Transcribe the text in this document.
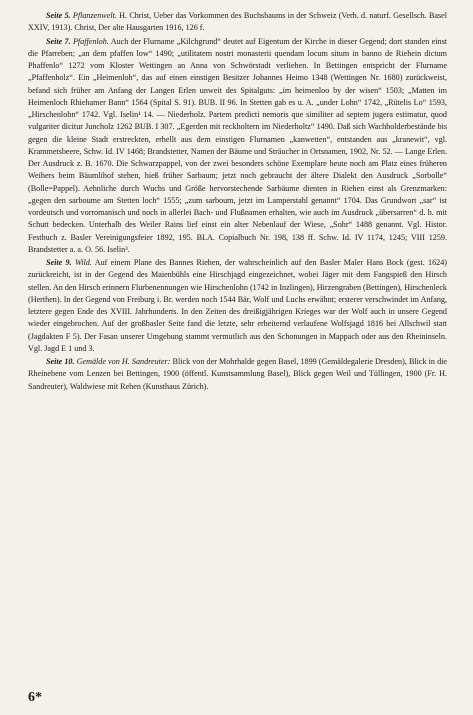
Seite 5. Pflanzenwelt. H. Christ, Ueber das Vorkommen des Buchsbaums in der Schweiz (Verh. d. naturf. Gesellsch. Basel XXIV, 1913). Christ, Der alte Hausgarten 1916, 126 f.

Seite 7. Pfaffenloh. Auch der Flurname „Kilchgrund“ deutet auf Eigentum der Kirche in dieser Gegend; dort standen einst die Pfarreben; „an dem pfaffen low“ 1490; „utilitatem nostri monasterii quendam locum situm in banno de Riehein dictum Phaffenlo“ 1272 vom Kloster Wettingen an Anna von Schwörstadt verliehen. In Bettingen entspricht der Flurname „Pfaffenholz“. Ein „Heimenloh“, das auf einen einstigen Besitzer Johannes Heimo 1348 (Wettingen Nr. 1680) zurückweist, befand sich früher am Anfang der Langen Erlen unweit des Spitalguts: „im heimenloo by der wisen“ 1503; „Matten im Heimenloch Rhiehamer Bann“ 1564 (Spital S. 91). BUB. II 96. In Stetten gab es u. A. „under Lohn“ 1742, „Rütelis Lo“ 1593, „Hirschenlohn“ 1742. Vgl. Iselin¹ 14. — Niederholz. Partem predicti nemoris que similiter ad septem jugera estimatur, quod vulgariter dicitur Juncholz 1262 BUB. I 307. „Egerden mit reckholtern im Niederholtz“ 1490. Daß sich Wachholderbestände bis gegen die kleine Stadt erstreckten, erhellt aus dem einstigen Flurnamen „kanwetten“, entstanden aus „kranewit“, vgl. Krammetsbeere, Schw. Id. IV 1468; Brandstetter, Namen der Bäume und Sträucher in Ortsnamen, 1902, Nr. 52. — Lange Erlen. Der Ausdruck z. B. 1670. Die Schwarzpappel, von der zwei besonders schöne Exemplare heute noch am Platz eines früheren Weihers beim Bäumlihof stehen, hieß früher Sarbaum; jetzt noch gebraucht der ältere Dialekt den Ausdruck „Sorbolle“ (Bolle=Pappel). Aehnliche durch Wuchs und Größe hervorstechende Sarbäume dienten in Riehen einst als Grenzmarken: „gegen den sarboume am Stetten loch“ 1555; „zum sarboum, jetzt im Lamperstahl genannt“ 1704. Das Grundwort „sar“ ist vordeutsch und vorromanisch und noch in allerlei Bach- und Flußnamen erhalten, wie auch im Ausdruck „übersarren“ d. h. mit Schutt bedecken. Unterhalb des Weiler Rains lief einst ein alter Nebenlauf der Wiese, „Sohr“ 1488 genannt. Vgl. Histor. Festbuch z. Basler Vereinigungsfeier 1892, 195. BLA. Copialbuch Nr. 198, 138 ff. Schw. Id. IV 1174, 1245; VIII 1259. Brandstetter a. a. O. 56. Iselin³.

Seite 9. Wild. Auf einem Plane des Bannes Riehen, der wahrscheinlich auf den Basler Maler Hans Bock (gest. 1624) zurückreicht, ist in der Gegend des Maienbühls eine Hirschjagd eingezeichnet, wobei Jäger mit dem Fangspieß den Hirsch stellen. An den Hirsch erinnern Flurbenennungen wie Hirschenlohn (1742 in Inzlingen), Hirzengraben (Bettingen), Hirschenleck (Herthen). In der Gegend von Freiburg i. Br. werden noch 1544 Bär, Wolf und Luchs erwähnt; ersterer verschwindet im Anfang, letztere gegen Ende des XVIII. Jahrhunderts. In den Zeiten des dreißigjährigen Krieges war der Wolf auch in unsere Gegend wieder eingebrochen. Auf der großbasler Seite fand die letzte, sehr erheiternd verlaufene Wolfsjagd 1816 bei Allschwil statt (Jagdakten F 5). Der Fasan unserer Umgebung stammt vermutlich aus den Schonungen in Mappach oder aus den Rheininseln. Vgl. Jagd E 1 und 3.

Seite 10. Gemälde von H. Sandreuter: Blick von der Mohrhalde gegen Basel, 1899 (Gemäldegalerie Dresden), Blick in die Rheinebene vom Lenzen bei Bettingen, 1900 (öffentl. Kunstsammlung Basel), Blick gegen Weil und Tüllingen, 1900 (Fr. H. Sandreuter), Waldwiese mit Rehen (Kunsthaus Zürich).

6*
